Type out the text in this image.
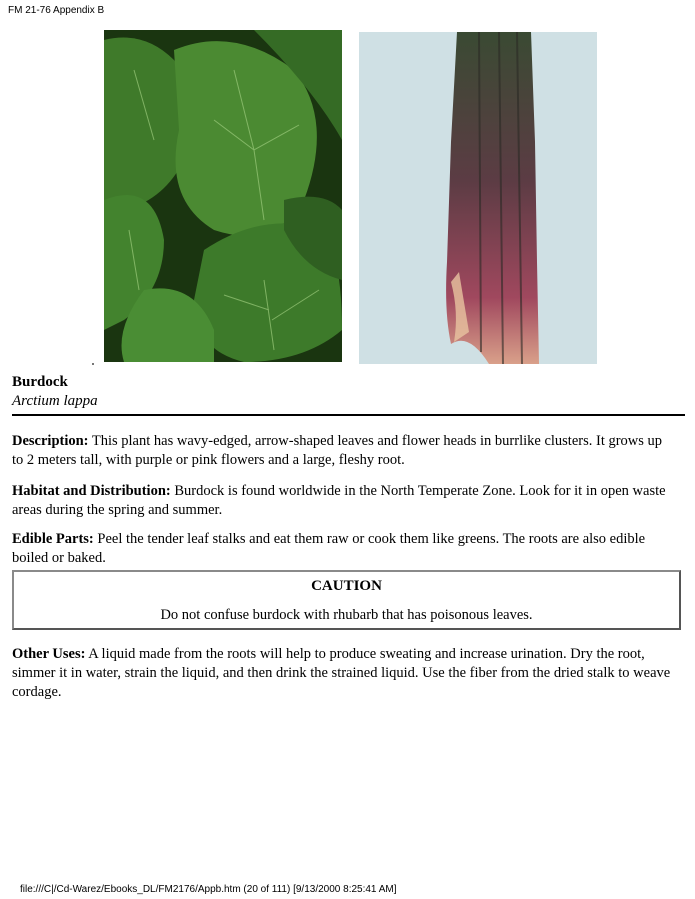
FM 21-76 Appendix B
Burdock
Arctium lappa
Description: This plant has wavy-edged, arrow-shaped leaves and flower heads in burrlike clusters. It grows up to 2 meters tall, with purple or pink flowers and a large, fleshy root.
Habitat and Distribution: Burdock is found worldwide in the North Temperate Zone. Look for it in open waste areas during the spring and summer.
Edible Parts: Peel the tender leaf stalks and eat them raw or cook them like greens. The roots are also edible boiled or baked.
CAUTION
Do not confuse burdock with rhubarb that has poisonous leaves.
Other Uses: A liquid made from the roots will help to produce sweating and increase urination. Dry the root, simmer it in water, strain the liquid, and then drink the strained liquid. Use the fiber from the dried stalk to weave cordage.
file:///C|/Cd-Warez/Ebooks_DL/FM2176/Appb.htm (20 of 111) [9/13/2000 8:25:41 AM]
